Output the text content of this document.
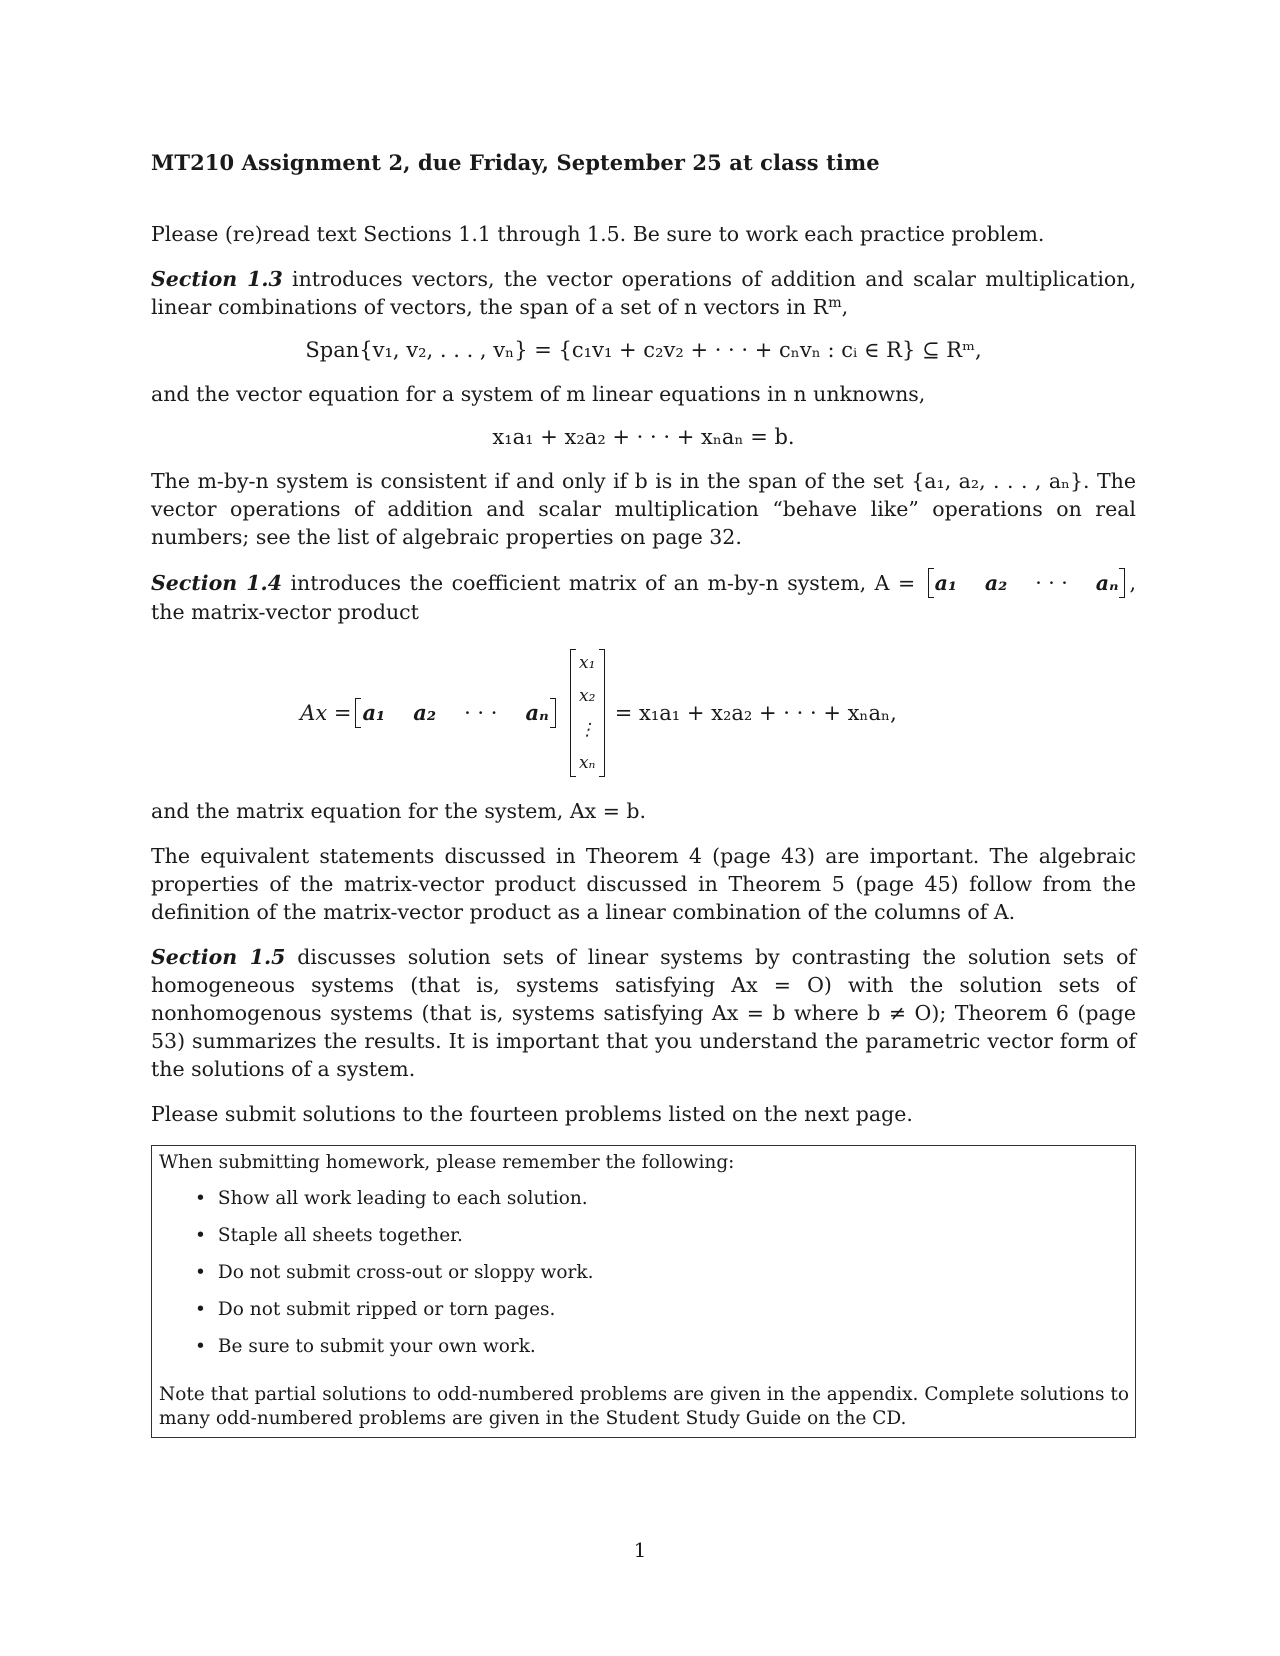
MT210 Assignment 2, due Friday, September 25 at class time

Please (re)read text Sections 1.1 through 1.5. Be sure to work each practice problem.

Section 1.3 introduces vectors, the vector operations of addition and scalar multiplication, linear combinations of vectors, the span of a set of n vectors in $R^m$,

Span{v₁, v₂, . . . , vₙ} = {c₁v₁ + c₂v₂ + · · · + cₙvₙ : cᵢ ∈ R} ⊆ Rᵐ,

and the vector equation for a system of m linear equations in n unknowns,

x₁a₁ + x₂a₂ + · · · + xₙaₙ = b.

The m-by-n system is consistent if and only if b is in the span of the set {a₁, a₂, . . . , aₙ}. The vector operations of addition and scalar multiplication “behave like” operations on real numbers; see the list of algebraic properties on page 32.

Section 1.4 introduces the coefficient matrix of an m-by-n system, A = a₁ a₂ · · · aₙ , the matrix-vector product

Ax = a₁ a₂ · · · aₙ
x₁
x₂
⋮
xₙ
= x₁a₁ + x₂a₂ + · · · + xₙaₙ,

and the matrix equation for the system, Ax = b.

The equivalent statements discussed in Theorem 4 (page 43) are important. The algebraic properties of the matrix-vector product discussed in Theorem 5 (page 45) follow from the definition of the matrix-vector product as a linear combination of the columns of A.

Section 1.5 discusses solution sets of linear systems by contrasting the solution sets of homogeneous systems (that is, systems satisfying Ax = O) with the solution sets of nonhomogenous systems (that is, systems satisfying Ax = b where b ≠ O); Theorem 6 (page 53) summarizes the results. It is important that you understand the parametric vector form of the solutions of a system.

Please submit solutions to the fourteen problems listed on the next page.

When submitting homework, please remember the following:
• Show all work leading to each solution.
• Staple all sheets together.
• Do not submit cross-out or sloppy work.
• Do not submit ripped or torn pages.
• Be sure to submit your own work.
Note that partial solutions to odd-numbered problems are given in the appendix. Complete solutions to many odd-numbered problems are given in the Student Study Guide on the CD.
1
